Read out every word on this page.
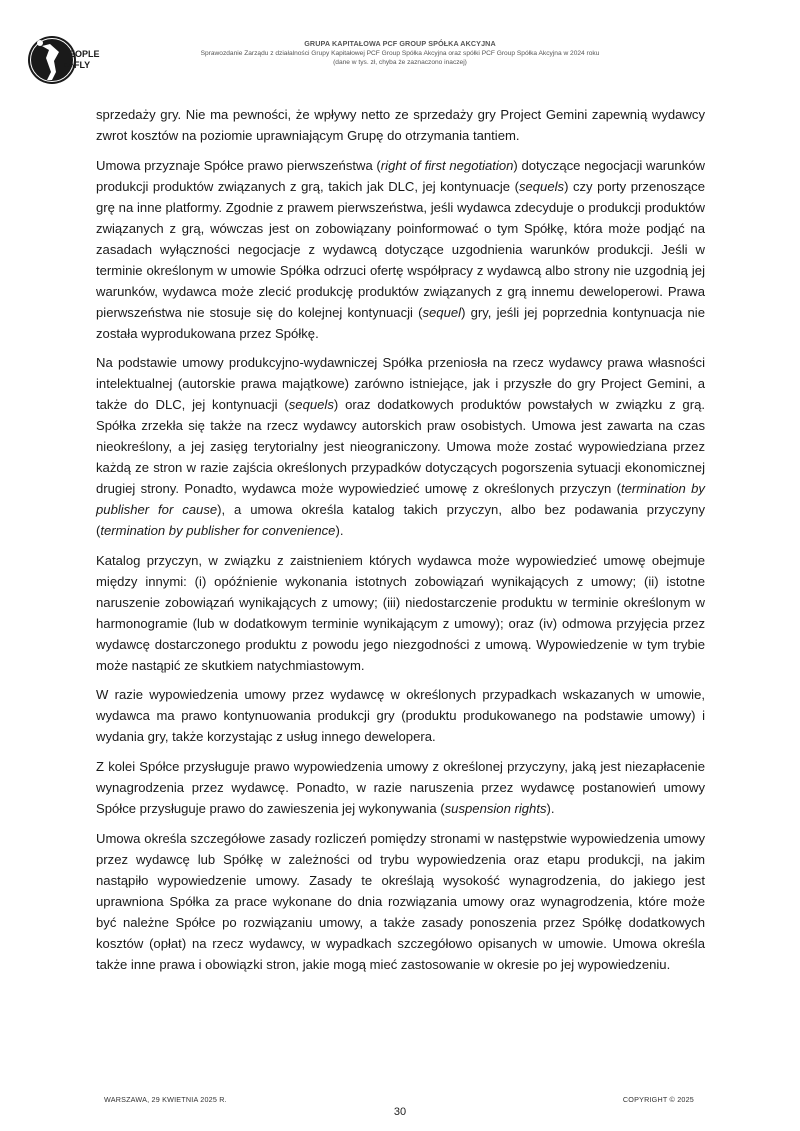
PEOPLE
CAN FLY
GRUPA KAPITAŁOWA PCF GROUP SPÓŁKA AKCYJNA
Sprawozdanie Zarządu z działalności Grupy Kapitałowej PCF Group Spółka Akcyjna oraz spółki PCF Group Spółka Akcyjna w 2024 roku
(dane w tys. zł, chyba że zaznaczono inaczej)

sprzedaży gry. Nie ma pewności, że wpływy netto ze sprzedaży gry Project Gemini zapewnią wydawcy zwrot kosztów na poziomie uprawniającym Grupę do otrzymania tantiem.

Umowa przyznaje Spółce prawo pierwszeństwa (right of first negotiation) dotyczące negocjacji warunków produkcji produktów związanych z grą, takich jak DLC, jej kontynuacje (sequels) czy porty przenoszące grę na inne platformy. Zgodnie z prawem pierwszeństwa, jeśli wydawca zdecyduje o produkcji produktów związanych z grą, wówczas jest on zobowiązany poinformować o tym Spółkę, która może podjąć na zasadach wyłączności negocjacje z wydawcą dotyczące uzgodnienia warunków produkcji. Jeśli w terminie określonym w umowie Spółka odrzuci ofertę współpracy z wydawcą albo strony nie uzgodnią jej warunków, wydawca może zlecić produkcję produktów związanych z grą innemu deweloperowi. Prawa pierwszeństwa nie stosuje się do kolejnej kontynuacji (sequel) gry, jeśli jej poprzednia kontynuacja nie została wyprodukowana przez Spółkę.

Na podstawie umowy produkcyjno-wydawniczej Spółka przeniosła na rzecz wydawcy prawa własności intelektualnej (autorskie prawa majątkowe) zarówno istniejące, jak i przyszłe do gry Project Gemini, a także do DLC, jej kontynuacji (sequels) oraz dodatkowych produktów powstałych w związku z grą. Spółka zrzekła się także na rzecz wydawcy autorskich praw osobistych. Umowa jest zawarta na czas nieokreślony, a jej zasięg terytorialny jest nieograniczony. Umowa może zostać wypowiedziana przez każdą ze stron w razie zajścia określonych przypadków dotyczących pogorszenia sytuacji ekonomicznej drugiej strony. Ponadto, wydawca może wypowiedzieć umowę z określonych przyczyn (termination by publisher for cause), a umowa określa katalog takich przyczyn, albo bez podawania przyczyny (termination by publisher for convenience).

Katalog przyczyn, w związku z zaistnieniem których wydawca może wypowiedzieć umowę obejmuje między innymi: (i) opóźnienie wykonania istotnych zobowiązań wynikających z umowy; (ii) istotne naruszenie zobowiązań wynikających z umowy; (iii) niedostarczenie produktu w terminie określonym w harmonogramie (lub w dodatkowym terminie wynikającym z umowy); oraz (iv) odmowa przyjęcia przez wydawcę dostarczonego produktu z powodu jego niezgodności z umową. Wypowiedzenie w tym trybie może nastąpić ze skutkiem natychmiastowym.

W razie wypowiedzenia umowy przez wydawcę w określonych przypadkach wskazanych w umowie, wydawca ma prawo kontynuowania produkcji gry (produktu produkowanego na podstawie umowy) i wydania gry, także korzystając z usług innego dewelopera.

Z kolei Spółce przysługuje prawo wypowiedzenia umowy z określonej przyczyny, jaką jest niezapłacenie wynagrodzenia przez wydawcę. Ponadto, w razie naruszenia przez wydawcę postanowień umowy Spółce przysługuje prawo do zawieszenia jej wykonywania (suspension rights).

Umowa określa szczegółowe zasady rozliczeń pomiędzy stronami w następstwie wypowiedzenia umowy przez wydawcę lub Spółkę w zależności od trybu wypowiedzenia oraz etapu produkcji, na jakim nastąpiło wypowiedzenie umowy. Zasady te określają wysokość wynagrodzenia, do jakiego jest uprawniona Spółka za prace wykonane do dnia rozwiązania umowy oraz wynagrodzenia, które może być należne Spółce po rozwiązaniu umowy, a także zasady ponoszenia przez Spółkę dodatkowych kosztów (opłat) na rzecz wydawcy, w wypadkach szczegółowo opisanych w umowie. Umowa określa także inne prawa i obowiązki stron, jakie mogą mieć zastosowanie w okresie po jej wypowiedzeniu.

WARSZAWA, 29 KWIETNIA 2025 R.	COPYRIGHT © 2025
30
